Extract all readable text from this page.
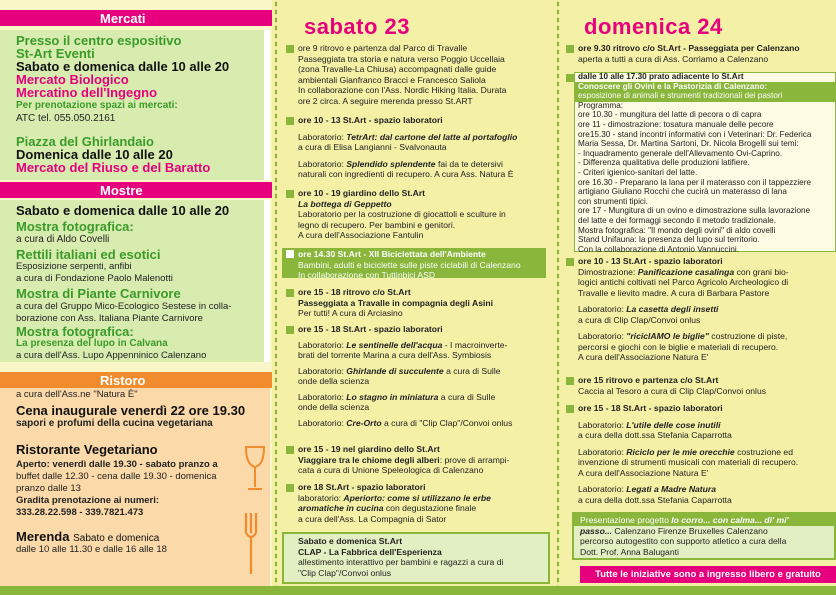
Mercati
Presso il centro espositivo
St-Art Eventi
Sabato e domenica dalle 10 alle 20
Mercato Biologico
Mercatino dell'Ingegno
Per prenotazione spazi ai mercati:
ATC tel. 055.050.2161
Piazza del Ghirlandaio
Domenica dalle 10 alle 20
Mercato del Riuso e del Baratto
Mostre
Sabato e domenica dalle 10 alle 20
Mostra fotografica:
a cura di Aldo Covelli
Rettili italiani ed esotici
Esposizione serpenti, anfibi
a cura di Fondazione Paolo Malenotti
Mostra di Piante Carnivore
a cura del Gruppo Mico-Ecologico Sestese in colla-
borazione con Ass. Italiana Piante Carnivore
Mostra fotografica:
La presenza del lupo in Calvana
a cura dell'Ass. Lupo Appenninico Calenzano
Ristoro
a cura dell'Ass.ne "Natura È"
Cena inaugurale venerdì 22 ore 19.30
sapori e profumi della cucina vegetariana
Ristorante Vegetariano
Aperto: venerdì dalle 19.30 - sabato pranzo a
buffet dalle 12.30 - cena dalle 19.30 - domenica
pranzo dalle 13
Gradita prenotazione ai numeri:
333.28.22.598 - 339.7821.473
Merenda Sabato e domenica
dalle 10 alle 11.30 e dalle 16 alle 18
sabato 23
ore 9 ritrovo e partenza dal Parco di Travalle
Passeggiata tra storia e natura verso Poggio Uccellaia
(zona Travalle-La Chiusa) accompagnati dalle guide
ambientali Gianfranco Bracci e Francesco Saliola
In collaborazione con l'Ass. Nordic Hiking Italia. Durata
ore 2 circa. A seguire merenda presso St.ART
ore 10 - 13 St.Art - spazio laboratori
Laboratorio: TetrArt: dal cartone del latte al portafoglio
a cura di Elisa Langianni - Svalvonauta
Laboratorio: Splendido splendente fai da te detersivi
naturali con ingredienti di recupero. A cura Ass. Natura È
ore 10 - 19 giardino dello St.Art
La bottega di Geppetto
Laboratorio per la costruzione di giocattoli e sculture in
legno di recupero. Per bambini e genitori.
A cura dell'Associazione Fantulin
ore 14.30 St.Art - XII Biciclettata dell'Ambiente
Bambini, adulti e biciclette sulle piste ciclabili di Calenzano
In collaborazione con Tuttinbici ASD
ore 15 - 18 ritrovo c/o St.Art
Passeggiata a Travalle in compagnia degli Asini
Per tutti! A cura di Arciasino
ore 15 - 18 St.Art - spazio laboratori
Laboratorio: Le sentinelle dell'acqua - I macroinverte-
brati del torrente Marina a cura dell'Ass. Symbiosis
Laboratorio: Ghirlande di succulente a cura di Sulle
onde della scienza
Laboratorio: Lo stagno in miniatura a cura di Sulle
onde della scienza
Laboratorio: Cre-Orto a cura di "Clip Clap"/Convoi onlus
ore 15 - 19 nel giardino dello St.Art
Viaggiare tra le chiome degli alberi: prove di arrampi-
cata a cura di Unione Speleologica di Calenzano
ore 18 St.Art - spazio laboratori
laboratorio: Aperiorto: come si utilizzano le erbe
aromatiche in cucina con degustazione finale
a cura dell'Ass. La Compagnia di Sator
Sabato e domenica St.Art
CLAP - La Fabbrica dell'Esperienza
allestimento interattivo per bambini e ragazzi a cura di
"Clip Clap"/Convoi onlus
domenica 24
ore 9.30 ritrovo c/o St.Art - Passeggiata per Calenzano
aperta a tutti a cura di Ass. Corriamo a Calenzano
dalle 10 alle 17.30 prato adiacente lo St.Art
Conoscere gli Ovini e la Pastorizia di Calenzano:
esposizione di animali e strumenti tradizionali dei pastori
Programma:
ore 10.30 - mungitura del latte di pecora o di capra
ore 11 - dimostrazione: tosatura manuale delle pecore
ore15.30 - stand incontri informativi con i Veterinari: Dr. Federica
Maria Sessa, Dr. Martina Sartoni, Dr. Nicola Brogelli sui temi:
- Inquadramento generale dell'Allevamento Ovi-Caprino.
- Differenza qualitativa delle produzioni latifiere.
- Criteri igienico-sanitari del latte.
ore 16.30 - Preparano la lana per il materasso con il tappezziere
artigiano Giuliano Rocchi che cucirà un materasso di lana
con strumenti tipici.
ore 17 - Mungitura di un ovino e dimostrazione sulla lavorazione
del latte e dei formaggi secondo il metodo tradizionale.
Mostra fotografica: "Il mondo degli ovini" di aldo covelli
Stand Unifauna: la presenza del lupo sul territorio.
Con la collaborazione di Antonio Vannuccini.
ore 10 - 13 St.Art - spazio laboratori
Dimostrazione: Panificazione casalinga con grani bio-
logici antichi coltivati nel Parco Agricolo Archeologico di
Travalle e lievito madre. A cura di Barbara Pastore
Laboratorio: La casetta degli insetti
a cura di Clip Clap/Convoi onlus
Laboratorio: "riciclAMO le biglie" costruzione di piste,
percorsi e giochi con le biglie e materiali di recupero.
A cura dell'Associazione Natura E'
ore 15 ritrovo e partenza c/o St.Art
Caccia al Tesoro a cura di Clip Clap/Convoi onlus
ore 15 - 18 St.Art - spazio laboratori
Laboratorio: L'utile delle cose inutili
a cura della dott.ssa Stefania Caparrotta
Laboratorio: Riciclo per le mie orecchie costruzione ed
invenzione di strumenti musicali con materiali di recupero.
A cura dell'Associazione Natura E'
Laboratorio: Legati a Madre Natura
a cura della dott.ssa Stefania Caparrotta
Presentazione progetto Io corro... con calma... di' mi'
passo... Calenzano Firenze Bruxelles Calenzano
percorso autogestito con supporto atletico a cura della
Dott. Prof. Anna Baluganti
Tutte le iniziative sono a ingresso libero e gratuito
